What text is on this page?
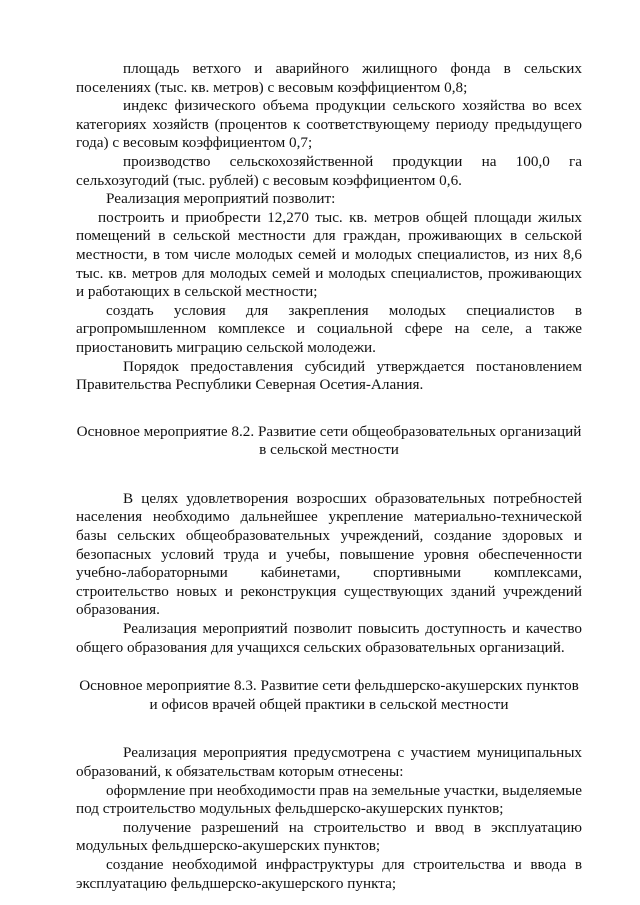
площадь ветхого и аварийного жилищного фонда в сельских поселениях (тыс. кв. метров) с весовым коэффициентом 0,8;

индекс физического объема продукции сельского хозяйства во всех категориях хозяйств (процентов к соответствующему периоду предыдущего года) с весовым коэффициентом 0,7;

производство сельскохозяйственной продукции на 100,0 га сельхозугодий (тыс. рублей) с весовым коэффициентом 0,6.

Реализация мероприятий позволит:

построить и приобрести 12,270 тыс. кв. метров общей площади жилых помещений в сельской местности для граждан, проживающих в сельской местности, в том числе молодых семей и молодых специалистов, из них 8,6 тыс. кв. метров для молодых семей и молодых специалистов, проживающих и работающих в сельской местности;

создать условия для закрепления молодых специалистов в агропромышленном комплексе и социальной сфере на селе, а также приостановить миграцию сельской молодежи.

Порядок предоставления субсидий утверждается постановлением Правительства Республики Северная Осетия-Алания.

Основное мероприятие 8.2. Развитие сети общеобразовательных организаций в сельской местности

В целях удовлетворения возросших образовательных потребностей населения необходимо дальнейшее укрепление материально-технической базы сельских общеобразовательных учреждений, создание здоровых и безопасных условий труда и учебы, повышение уровня обеспеченности учебно-лабораторными кабинетами, спортивными комплексами, строительство новых и реконструкция существующих зданий учреждений образования.

Реализация мероприятий позволит повысить доступность и качество общего образования для учащихся сельских образовательных организаций.

Основное мероприятие 8.3. Развитие сети фельдшерско-акушерских пунктов и офисов врачей общей практики в сельской местности

Реализация мероприятия предусмотрена с участием муниципальных образований, к обязательствам которым отнесены:

оформление при необходимости прав на земельные участки, выделяемые под строительство модульных фельдшерско-акушерских пунктов;

получение разрешений на строительство и ввод в эксплуатацию модульных фельдшерско-акушерских пунктов;

создание необходимой инфраструктуры для строительства и ввода в эксплуатацию фельдшерско-акушерского пункта;
